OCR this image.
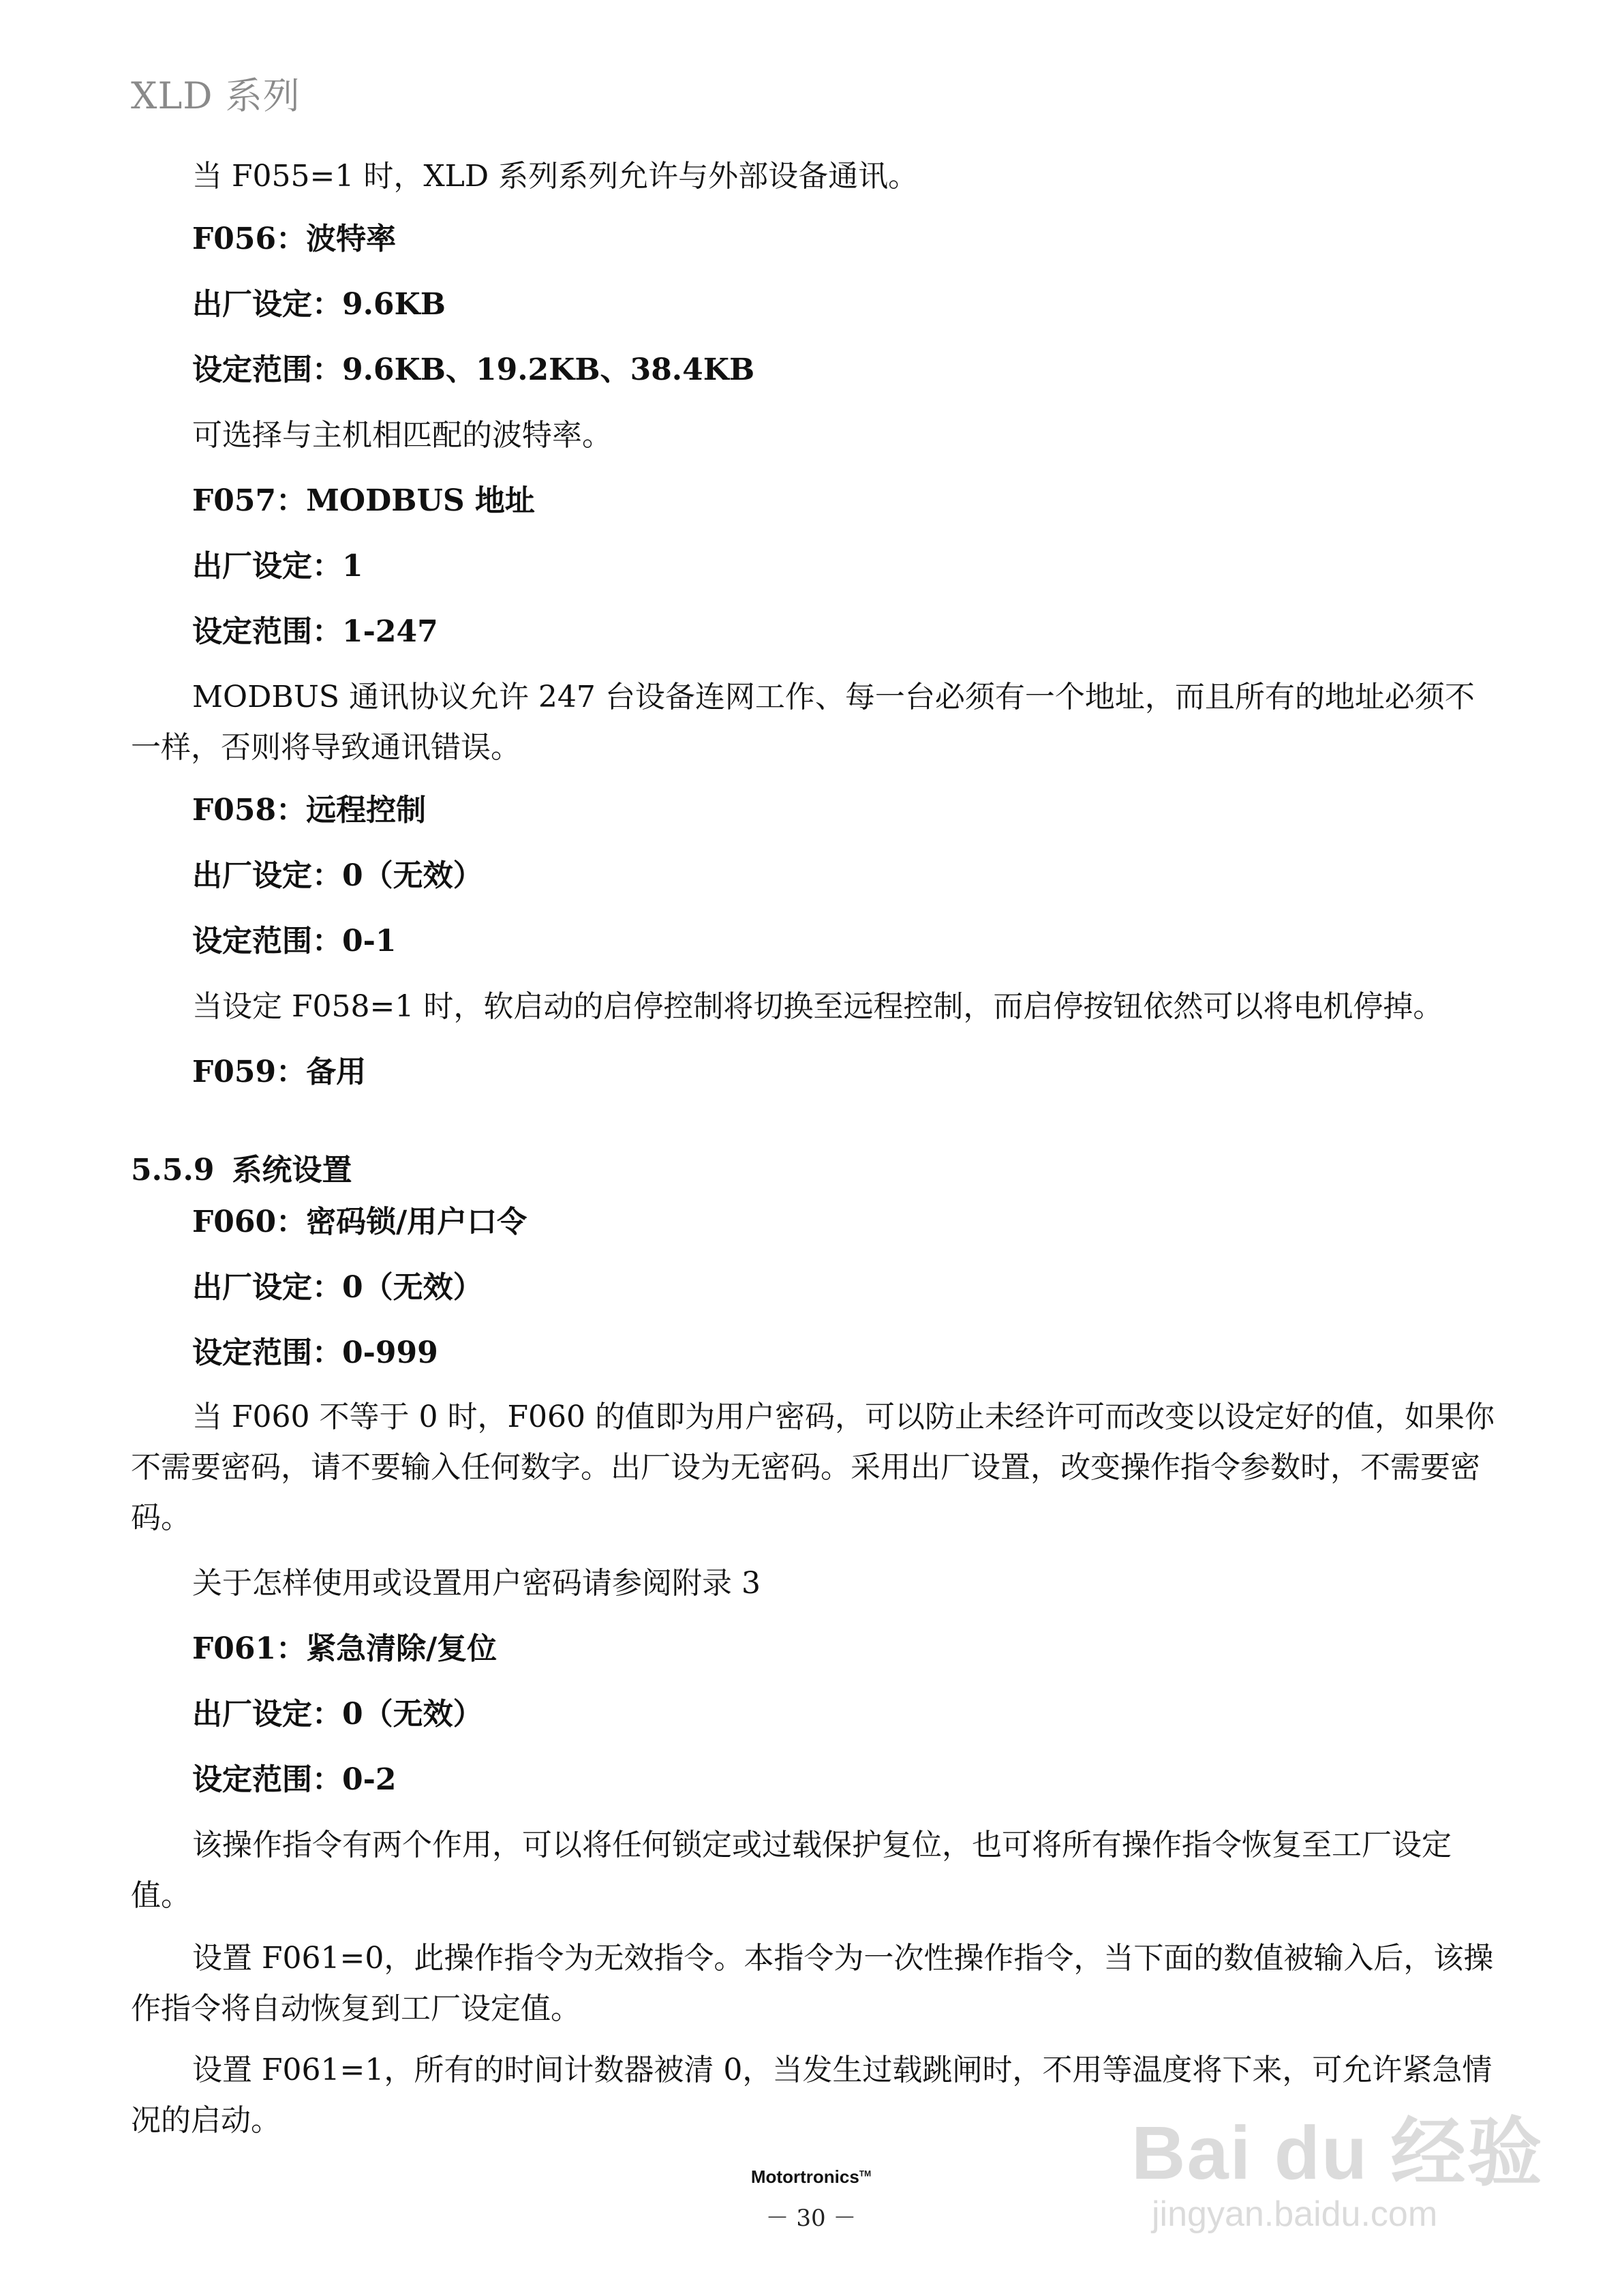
XLD 系列
当 F055=1 时，XLD 系列系列允许与外部设备通讯。
F056：波特率
出厂设定：9.6KB
设定范围：9.6KB、19.2KB、38.4KB
可选择与主机相匹配的波特率。
F057：MODBUS 地址
出厂设定：1
设定范围：1-247
MODBUS 通讯协议允许 247 台设备连网工作、每一台必须有一个地址，而且所有的地址必须不一样，否则将导致通讯错误。
F058：远程控制
出厂设定：0（无效）
设定范围：0-1
当设定 F058=1 时，软启动的启停控制将切换至远程控制，而启停按钮依然可以将电机停掉。
F059：备用
5.5.9 系统设置
F060：密码锁/用户口令
出厂设定：0（无效）
设定范围：0-999
当 F060 不等于 0 时，F060 的值即为用户密码，可以防止未经许可而改变以设定好的值，如果你不需要密码，请不要输入任何数字。出厂设为无密码。采用出厂设置，改变操作指令参数时，不需要密码。
关于怎样使用或设置用户密码请参阅附录 3
F061：紧急清除/复位
出厂设定：0（无效）
设定范围：0-2
该操作指令有两个作用，可以将任何锁定或过载保护复位，也可将所有操作指令恢复至工厂设定值。
设置 F061=0，此操作指令为无效指令。本指令为一次性操作指令，当下面的数值被输入后，该操作指令将自动恢复到工厂设定值。
设置 F061=1，所有的时间计数器被清 0，当发生过载跳闸时，不用等温度将下来，可允许紧急情况的启动。
Motortronics™
－ 30 －
Bai du 经验
jingyan.baidu.com
